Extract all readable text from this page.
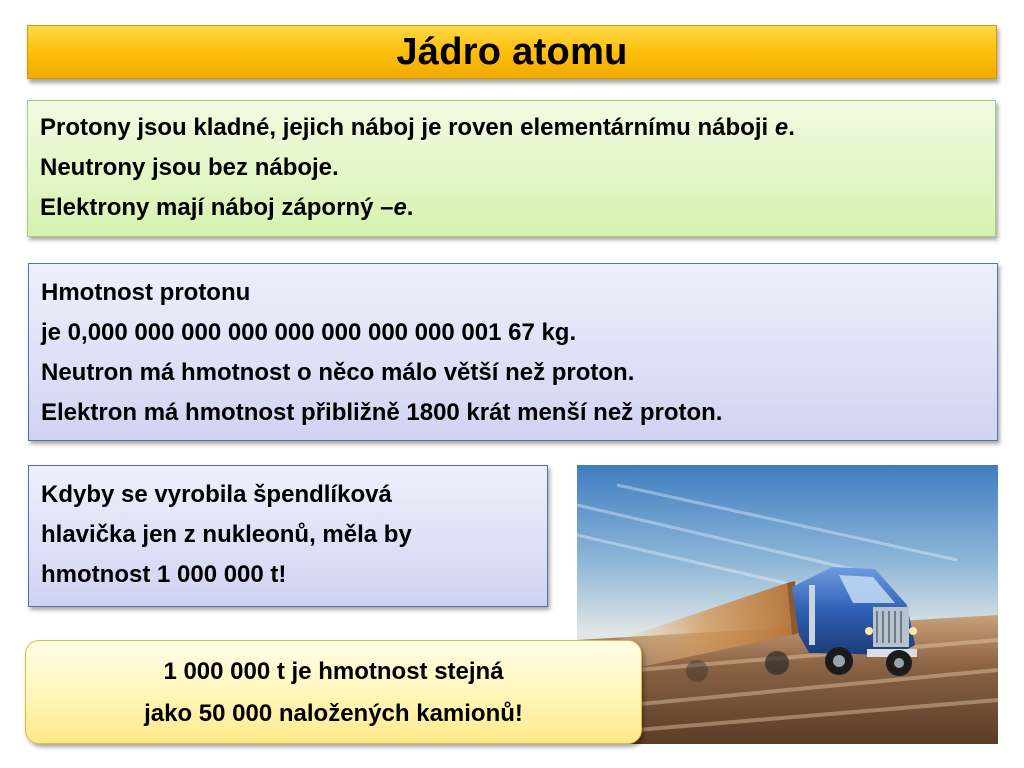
Jádro atomu

Protony jsou kladné, jejich náboj je roven elementárnímu náboji e.

Neutrony jsou bez náboje.

Elektrony mají náboj záporný –e.

Hmotnost protonu

je 0,000 000 000 000 000 000 000 000 001 67 kg.

Neutron má hmotnost o něco málo větší než proton.

Elektron má hmotnost přibližně 1800 krát menší než proton.

Kdyby se vyrobila špendlíková

hlavička jen z nukleonů, měla by

hmotnost 1 000 000 t!

1 000 000 t je hmotnost stejná

jako 50 000 naložených kamionů!
